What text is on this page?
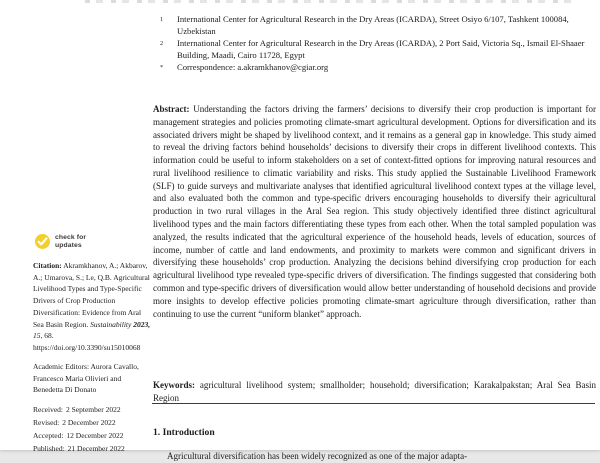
1	International Center for Agricultural Research in the Dry Areas (ICARDA), Street Osiyo 6/107, Tashkent 100084, Uzbekistan
2	International Center for Agricultural Research in the Dry Areas (ICARDA), 2 Port Said, Victoria Sq., Ismail El-Shaaer Building, Maadi, Cairo 11728, Egypt
*	Correspondence: a.akramkhanov@cgiar.org

Abstract: Understanding the factors driving the farmers’ decisions to diversify their crop production is important for management strategies and policies promoting climate-smart agricultural development. Options for diversification and its associated drivers might be shaped by livelihood context, and it remains as a general gap in knowledge. This study aimed to reveal the driving factors behind households’ decisions to diversify their crops in different livelihood contexts. This information could be useful to inform stakeholders on a set of context-fitted options for improving natural resources and rural livelihood resilience to climatic variability and risks. This study applied the Sustainable Livelihood Framework (SLF) to guide surveys and multivariate analyses that identified agricultural livelihood context types at the village level, and also evaluated both the common and type-specific drivers encouraging households to diversify their agricultural production in two rural villages in the Aral Sea region. This study objectively identified three distinct agricultural livelihood types and the main factors differentiating these types from each other. When the total sampled population was analyzed, the results indicated that the agricultural experience of the household heads, levels of education, sources of income, number of cattle and land endowments, and proximity to markets were common and significant drivers in diversifying these households’ crop production. Analyzing the decisions behind diversifying crop production for each agricultural livelihood type revealed type-specific drivers of diversification. The findings suggested that considering both common and type-specific drivers of diversification would allow better understanding of household decisions and provide more insights to develop effective policies promoting climate-smart agriculture through diversification, rather than continuing to use the current “uniform blanket” approach.

Keywords: agricultural livelihood system; smallholder; household; diversification; Karakalpakstan; Aral Sea Basin Region

1. Introduction

Agricultural diversification has been widely recognized as one of the major adapta-

check for
updates
Citation: Akramkhanov, A.; Akbarov, A.; Umarova, S.; Le, Q.B. Agricultural Livelihood Types and Type-Specific Drivers of Crop Production Diversification: Evidence from Aral Sea Basin Region. Sustainability 2023, 15, 68. https://doi.org/10.3390/su15010068
Academic Editors: Aurora Cavallo, Francesco Maria Olivieri and Benedetta Di Donato
Received: 2 September 2022
Revised: 2 December 2022
Accepted: 12 December 2022
Published: 21 December 2022
